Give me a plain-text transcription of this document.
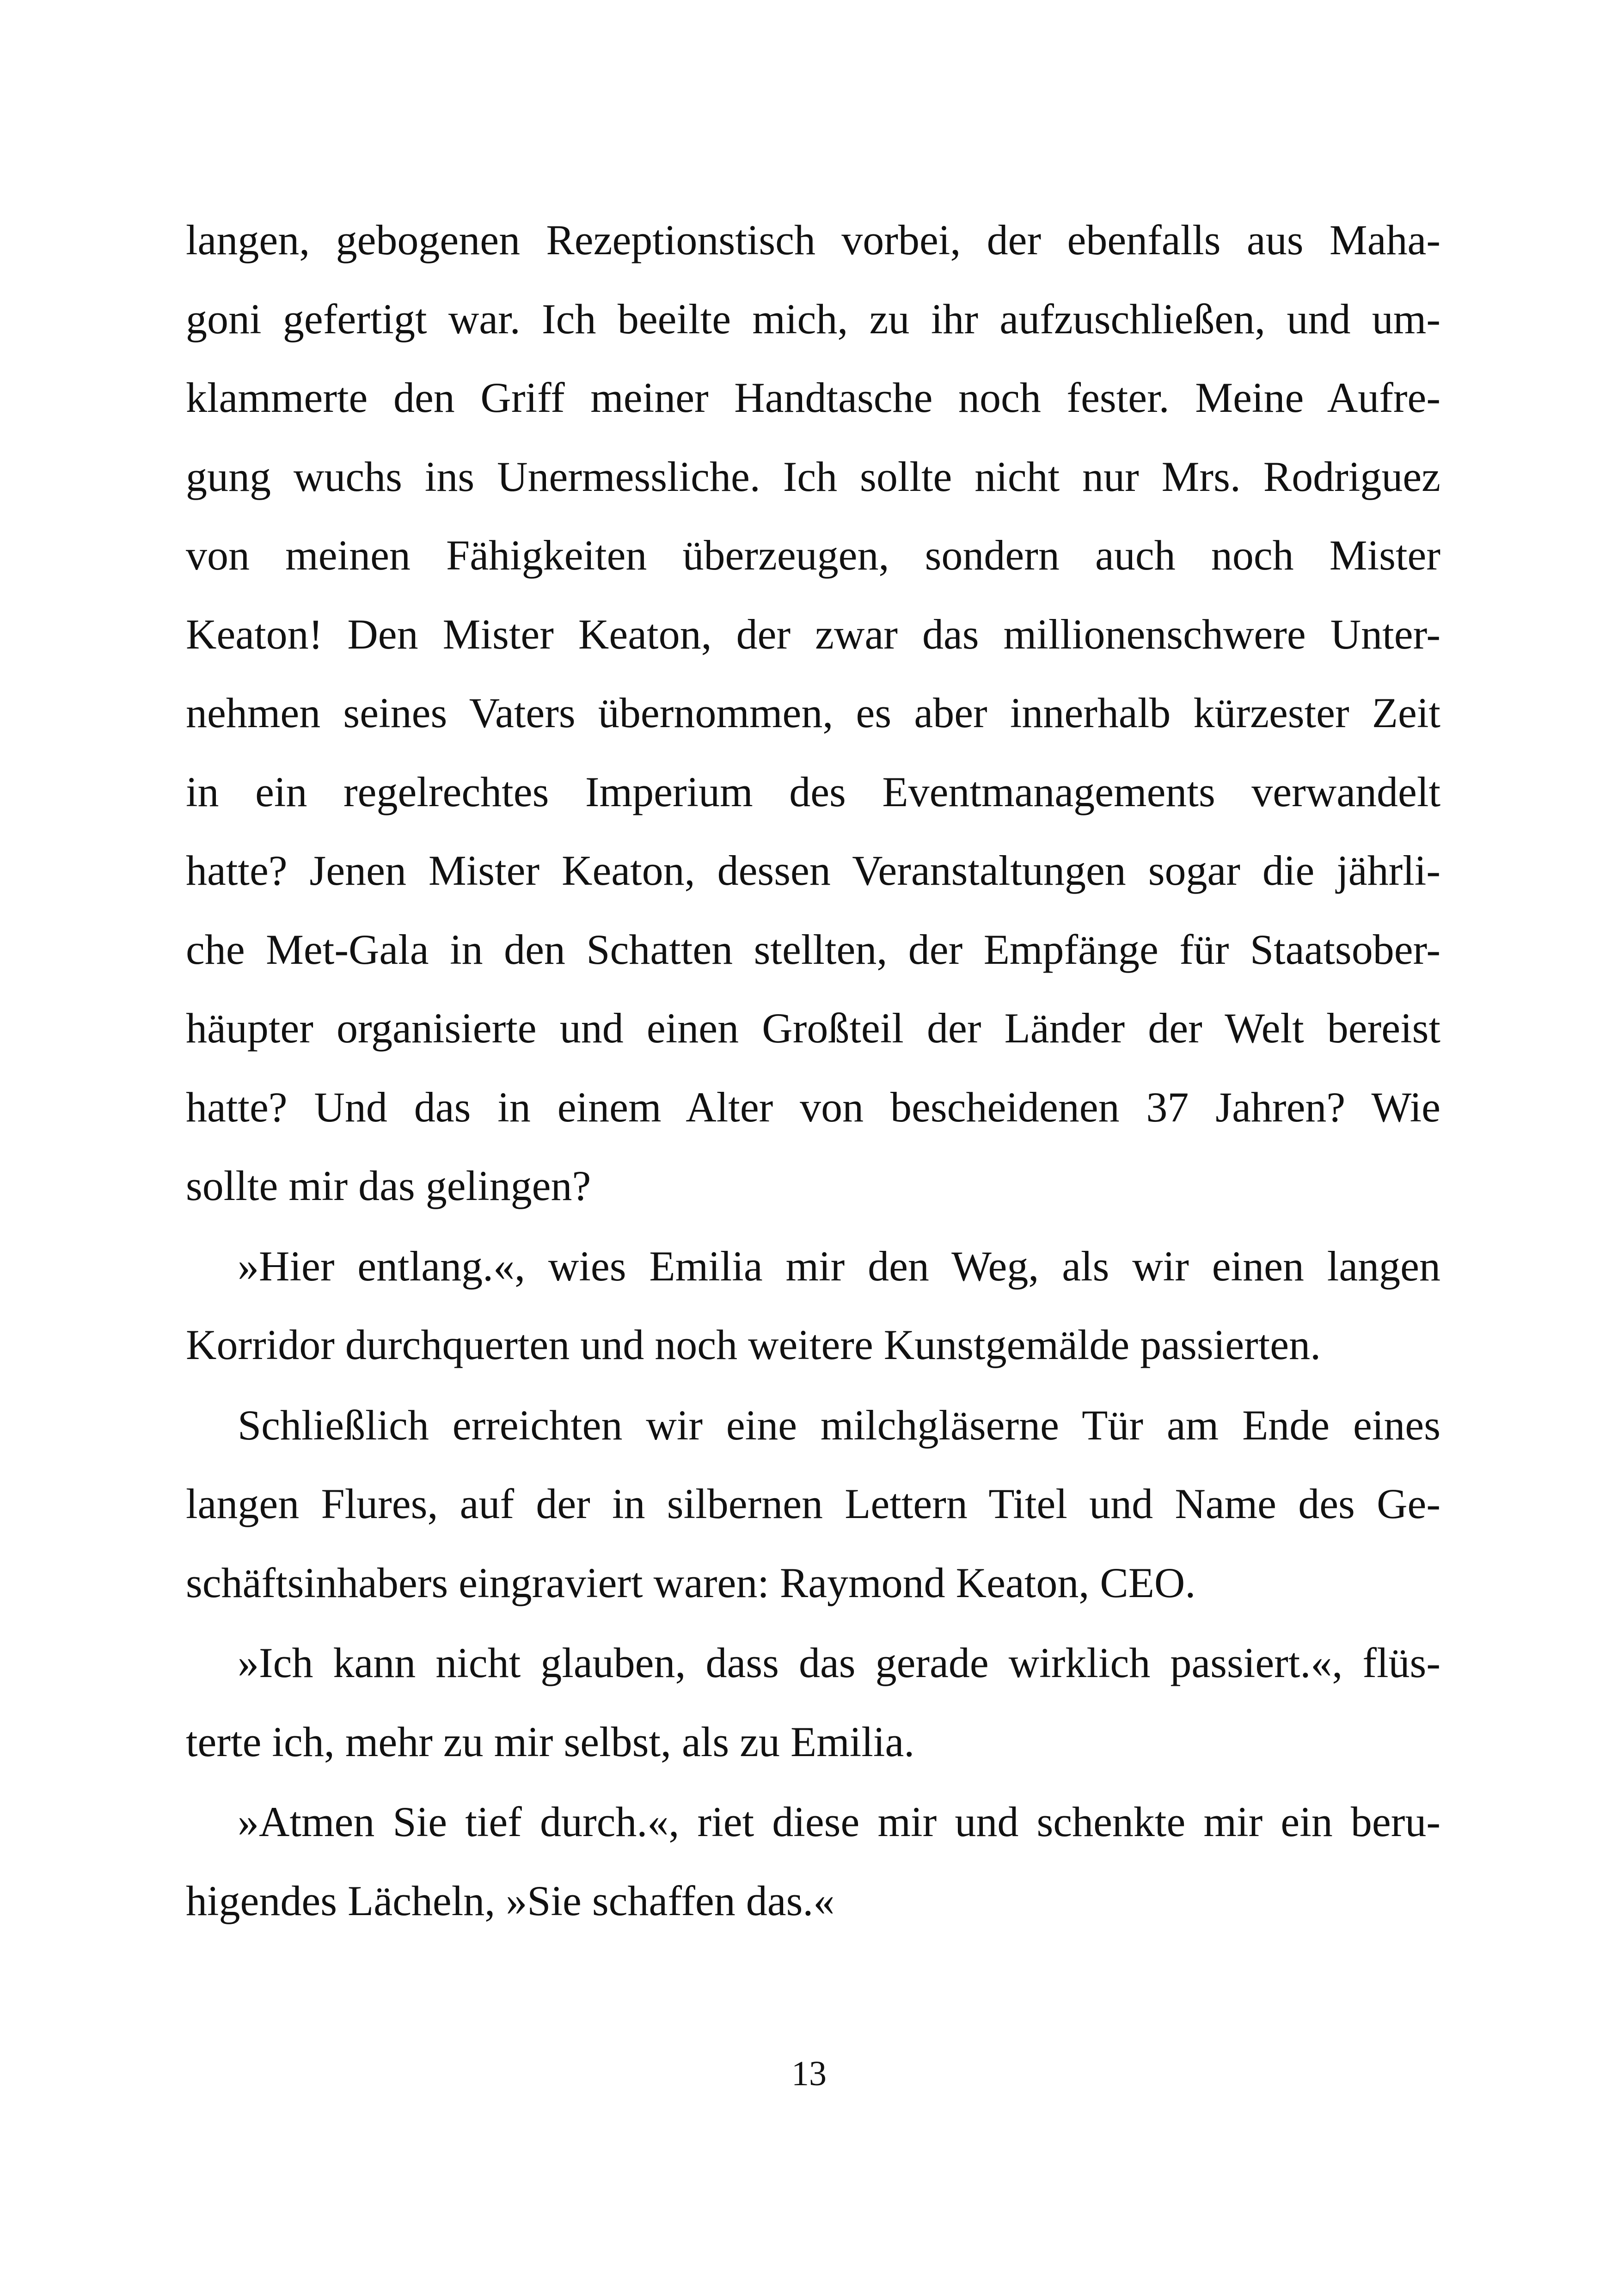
langen, gebogenen Rezeptionstisch vorbei, der ebenfalls aus Maha-
goni gefertigt war. Ich beeilte mich, zu ihr aufzuschließen, und um-
klammerte den Griff meiner Handtasche noch fester. Meine Aufre-
gung wuchs ins Unermessliche. Ich sollte nicht nur Mrs. Rodriguez
von meinen Fähigkeiten überzeugen, sondern auch noch Mister
Keaton! Den Mister Keaton, der zwar das millionenschwere Unter-
nehmen seines Vaters übernommen, es aber innerhalb kürzester Zeit
in ein regelrechtes Imperium des Eventmanagements verwandelt
hatte? Jenen Mister Keaton, dessen Veranstaltungen sogar die jährli-
che Met-Gala in den Schatten stellten, der Empfänge für Staatsober-
häupter organisierte und einen Großteil der Länder der Welt bereist
hatte? Und das in einem Alter von bescheidenen 37 Jahren? Wie
sollte mir das gelingen?
»Hier entlang.«, wies Emilia mir den Weg, als wir einen langen
Korridor durchquerten und noch weitere Kunstgemälde passierten.
Schließlich erreichten wir eine milchgläserne Tür am Ende eines
langen Flures, auf der in silbernen Lettern Titel und Name des Ge-
schäftsinhabers eingraviert waren: Raymond Keaton, CEO.
»Ich kann nicht glauben, dass das gerade wirklich passiert.«, flüs-
terte ich, mehr zu mir selbst, als zu Emilia.
»Atmen Sie tief durch.«, riet diese mir und schenkte mir ein beru-
higendes Lächeln, »Sie schaffen das.«
13
